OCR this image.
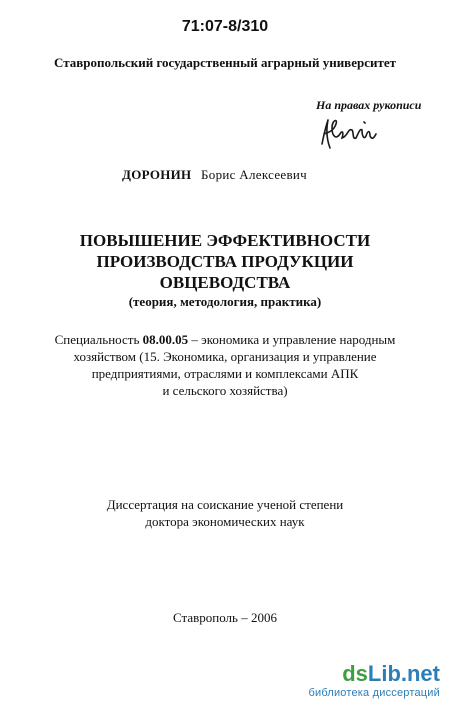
71:07-8/310
Ставропольский государственный аграрный университет
На правах рукописи
ДОРОНИН Борис Алексеевич
ПОВЫШЕНИЕ ЭФФЕКТИВНОСТИ
ПРОИЗВОДСТВА ПРОДУКЦИИ
ОВЦЕВОДСТВА
(теория, методология, практика)
Специальность 08.00.05 – экономика и управление народным
хозяйством (15. Экономика, организация и управление
предприятиями, отраслями и комплексами АПК
и сельского хозяйства)
Диссертация на соискание ученой степени
доктора экономических наук
Ставрополь – 2006
dsLib.net
библиотека диссертаций
